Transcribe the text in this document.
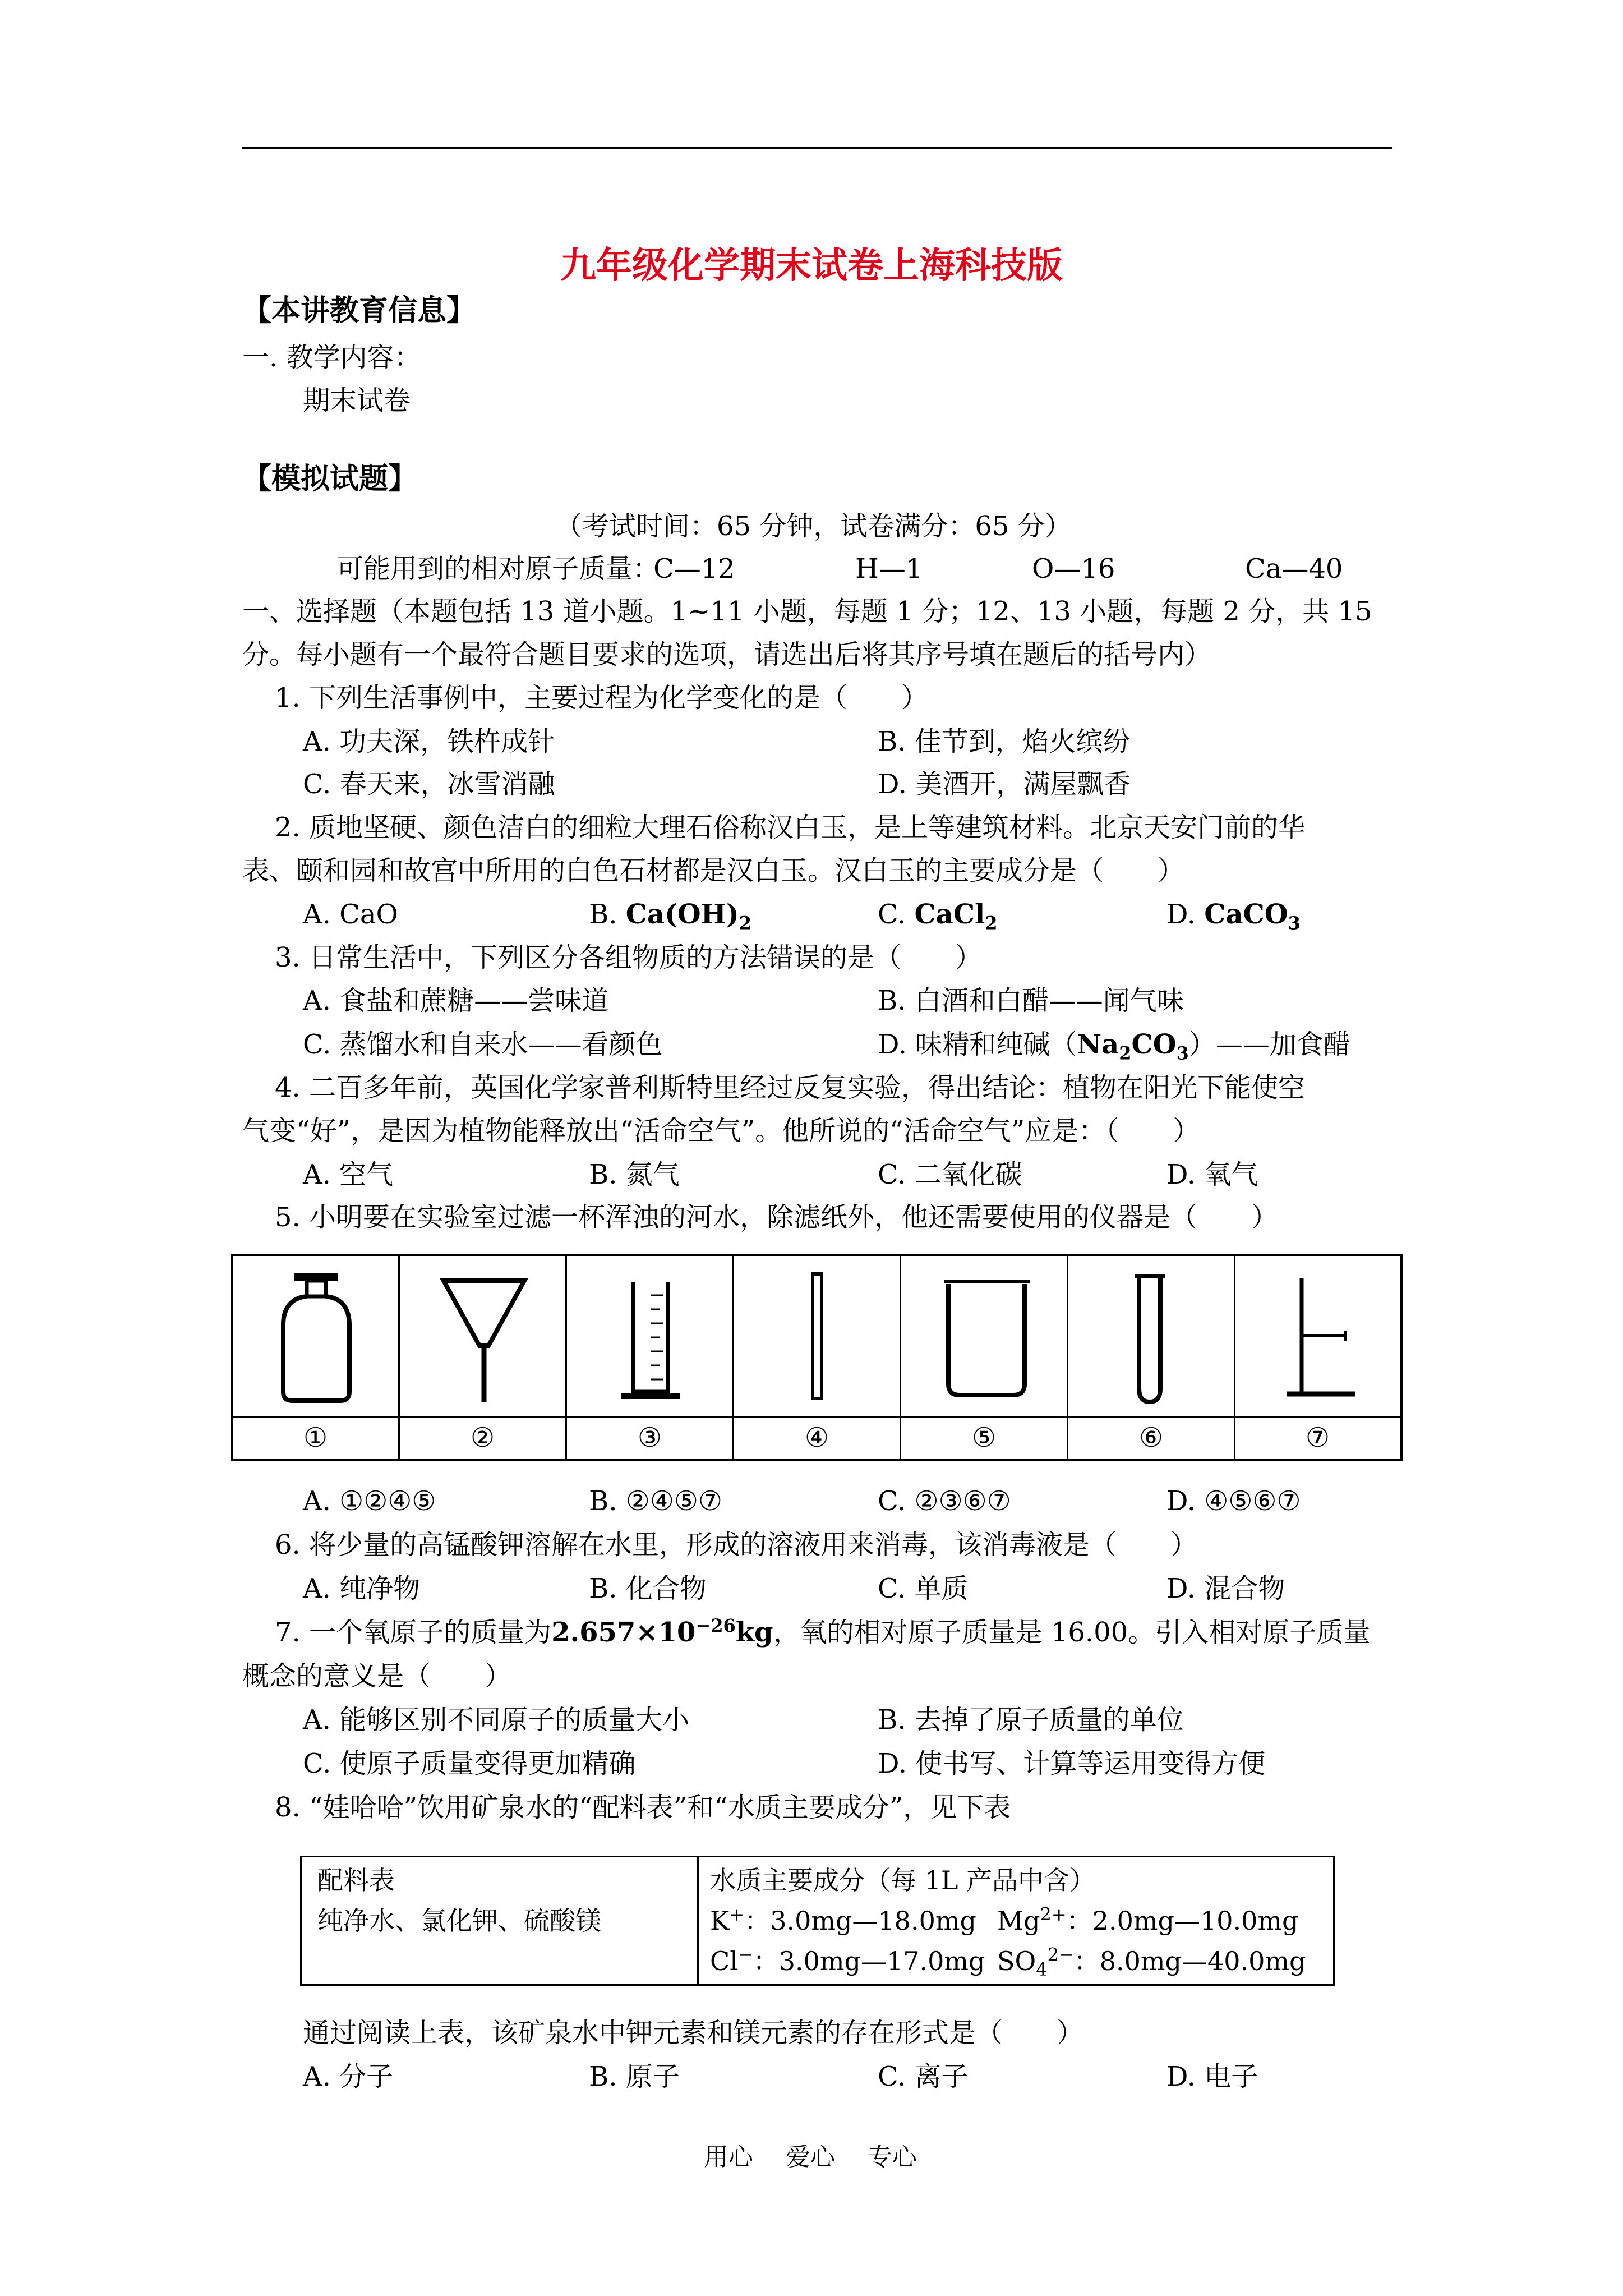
九年级化学期末试卷上海科技版
【本讲教育信息】
一. 教学内容：
期末试卷
【模拟试题】
（考试时间：65 分钟，试卷满分：65 分）
可能用到的相对原子质量：
C—12	H—1	O—16	Ca—40
一、选择题（本题包括 13 道小题。1~11 小题，每题 1 分；12、13 小题，每题 2 分，共 15
分。每小题有一个最符合题目要求的选项，请选出后将其序号填在题后的括号内）
1. 下列生活事例中，主要过程为化学变化的是（　　）
A. 功夫深，铁杵成针	B. 佳节到，焰火缤纷
C. 春天来，冰雪消融	D. 美酒开，满屋飘香
2. 质地坚硬、颜色洁白的细粒大理石俗称汉白玉，是上等建筑材料。北京天安门前的华
表、颐和园和故宫中所用的白色石材都是汉白玉。汉白玉的主要成分是（　　）
A. CaO	B. $Ca(OH)_2$	C. CaCl$_2$	D. CaCO$_3$
3. 日常生活中，下列区分各组物质的方法错误的是（　　）
A. 食盐和蔗糖——尝味道	B. 白酒和白醋——闻气味
C. 蒸馏水和自来水——看颜色	D. 味精和纯碱$(Na_2CO_3)——$加食醋
4. 二百多年前，英国化学家普利斯特里经过反复实验，得出结论：植物在阳光下能使空
气变“好”，是因为植物能释放出“活命空气”。他所说的“活命空气”应是：（　　）
A. 空气	B. 氮气	C. 二氧化碳	D. 氧气
5. 小明要在实验室过滤一杯浑浊的河水，除滤纸外，他还需要使用的仪器是（　　）
①	②	③	④	⑤	⑥	⑦
A. ①②④⑤	B. ②④⑤⑦	C. ②③⑥⑦	D. ④⑤⑥⑦
6. 将少量的高锰酸钾溶解在水里，形成的溶液用来消毒，该消毒液是（　　）
A. 纯净物	B. 化合物	C. 单质	D. 混合物
7. 一个氧原子的质量为$2.657\times 10^{-26}kg$，氧的相对原子质量是 16.00。引入相对原子质量
概念的意义是（　　）
A. 能够区别不同原子的质量大小	B. 去掉了原子质量的单位
C. 使原子质量变得更加精确	D. 使书写、计算等运用变得方便
8. “娃哈哈”饮用矿泉水的“配料表”和“水质主要成分”，见下表
配料表
纯净水、氯化钾、硫酸镁
水质主要成分（每 1L 产品中含）
K+：3.0mg—18.0mg $Mg^{2+}$：2.0mg—10.0mg
Cl−：3.0mg—17.0mg $SO_4^{2-}$：8.0mg—40.0mg
通过阅读上表，该矿泉水中钾元素和镁元素的存在形式是（　　）
A. 分子	B. 原子	C. 离子	D. 电子
用心　 爱心　 专心
